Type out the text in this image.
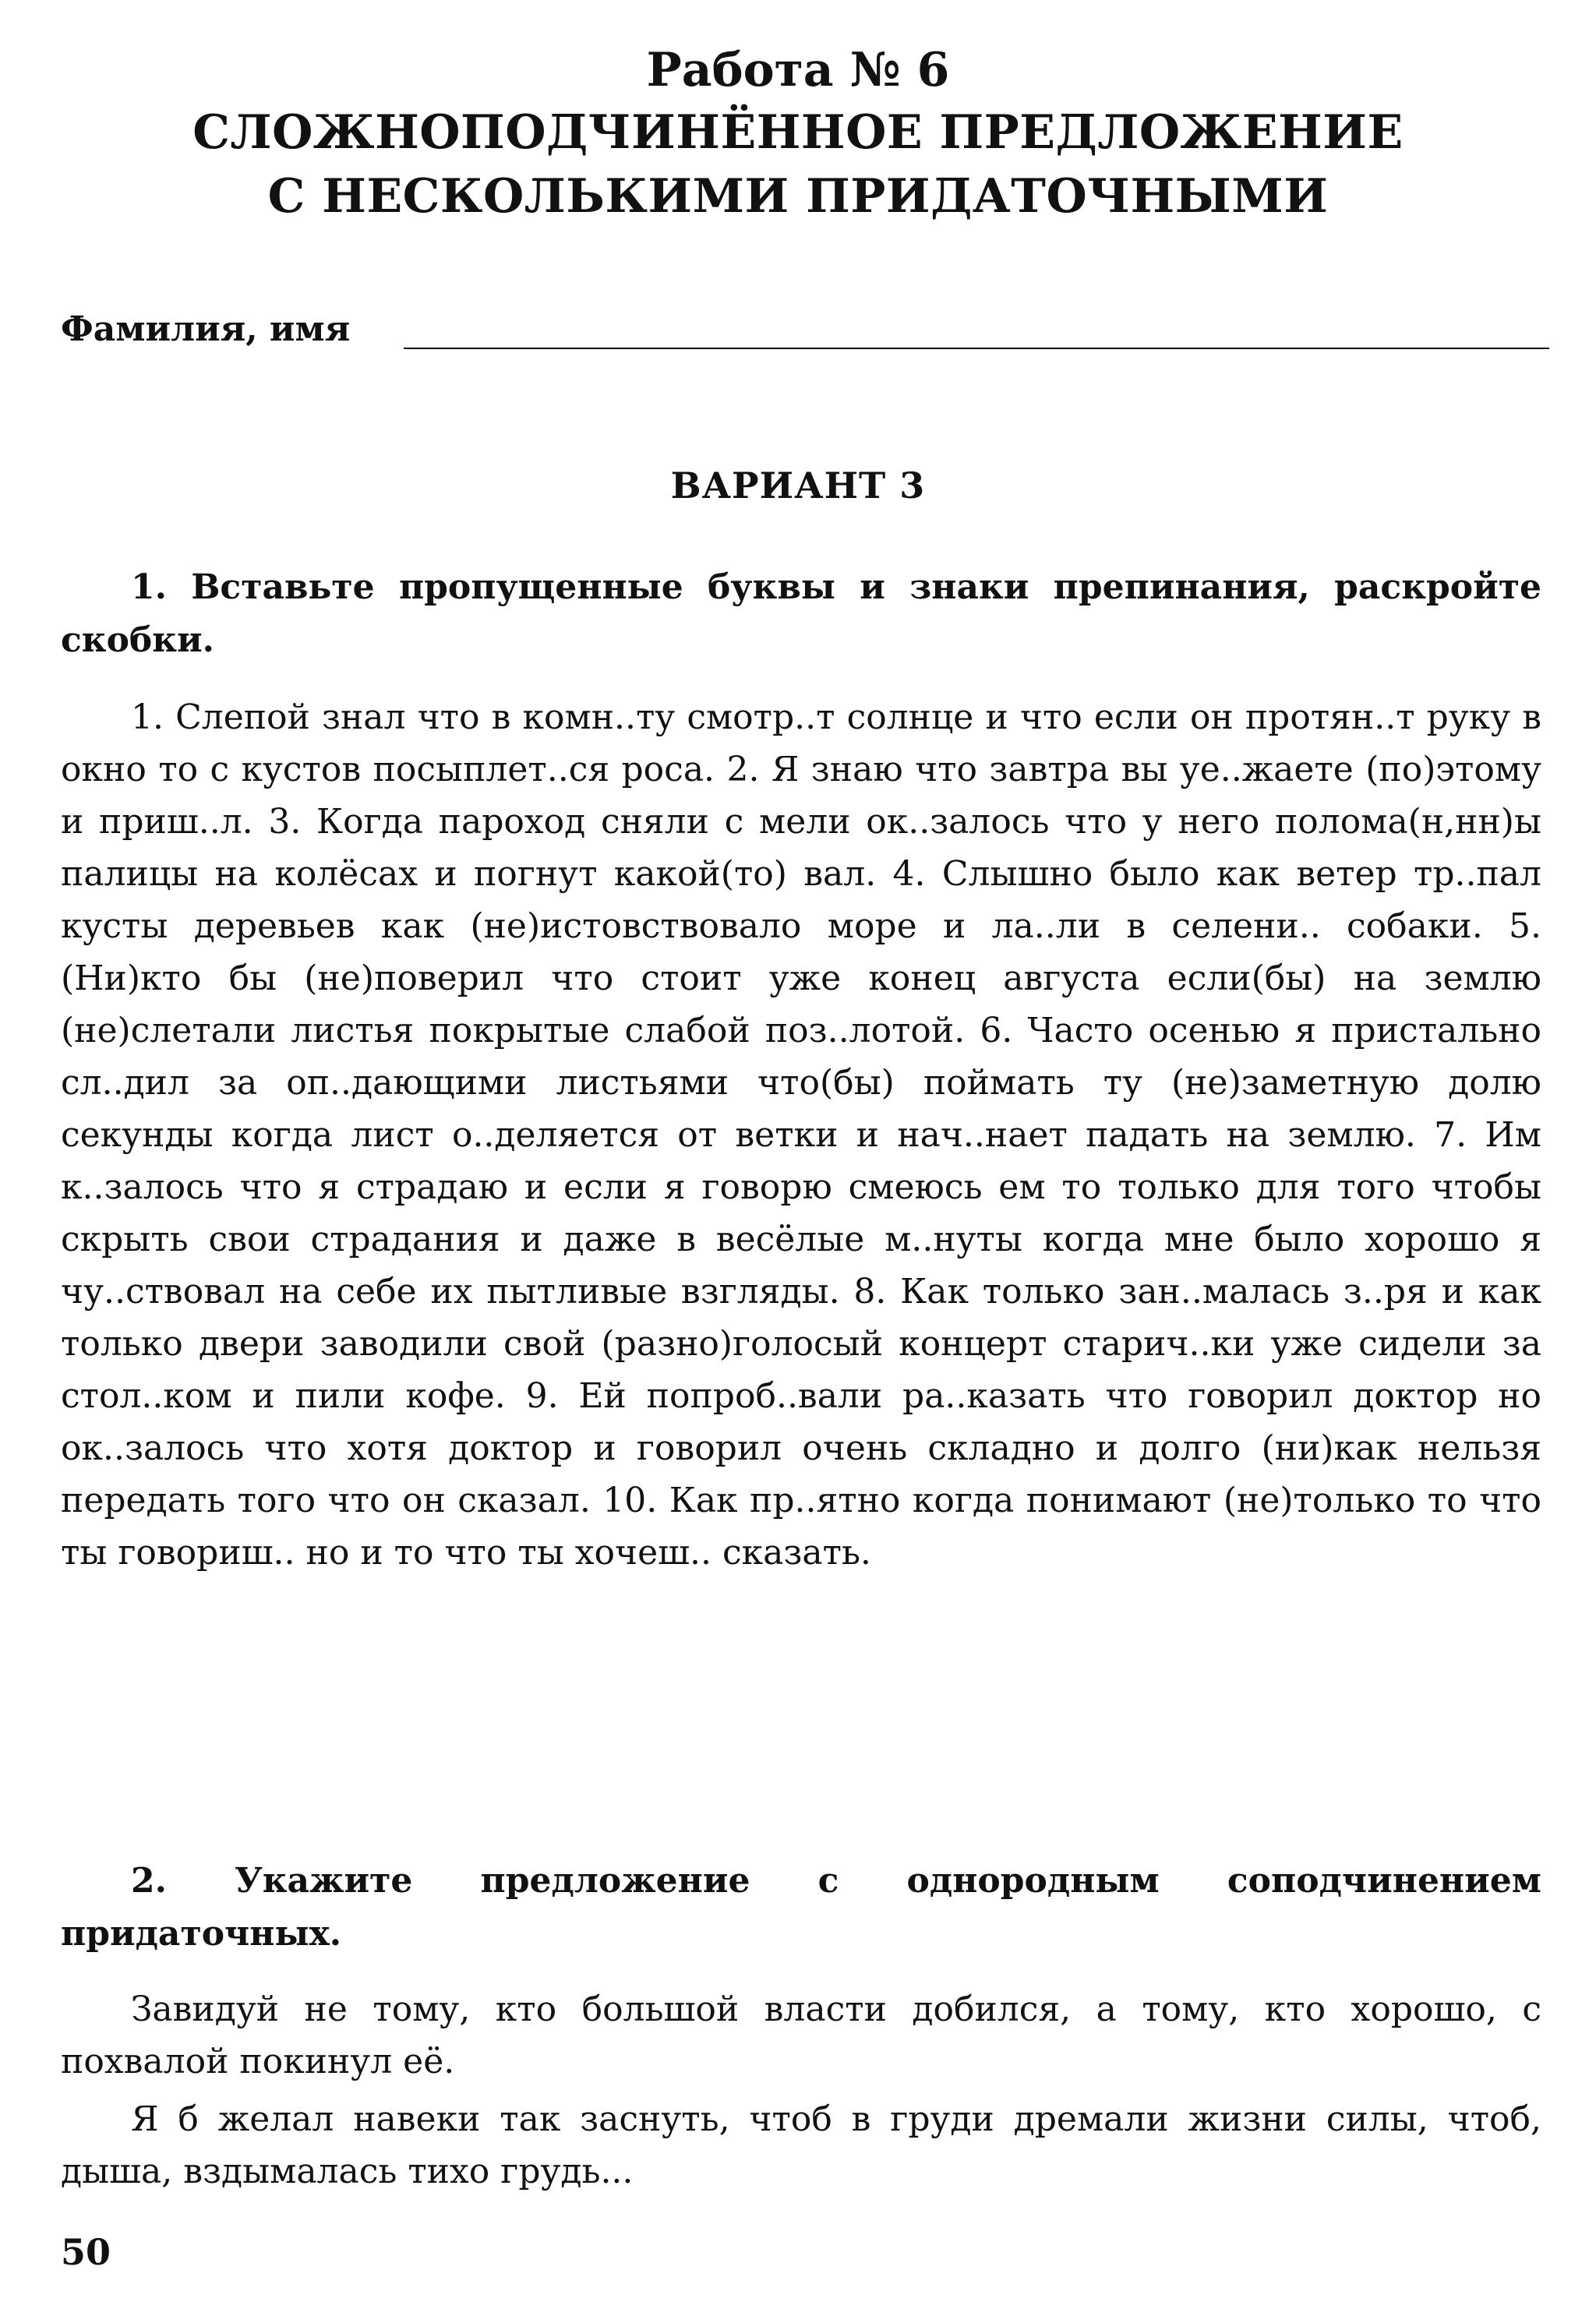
Работа № 6
СЛОЖНОПОДЧИНЁННОЕ ПРЕДЛОЖЕНИЕ
С НЕСКОЛЬКИМИ ПРИДАТОЧНЫМИ
Фамилия, имя
ВАРИАНТ 3

1. Вставьте пропущенные буквы и знаки препинания, раскройте скобки.

1. Слепой знал что в комн..ту смотр..т солнце и что если он протян..т руку в окно то с кустов посыплет..ся роса. 2. Я знаю что завтра вы уе..жаете (по)этому и приш..л. 3. Когда пароход сняли с мели ок..залось что у него полома(н,нн)ы палицы на колёсах и погнут какой(то) вал. 4. Слышно было как ветер тр..пал кусты деревьев как (не)истовствовало море и ла..ли в селени.. собаки. 5. (Ни)кто бы (не)поверил что стоит уже конец августа если(бы) на землю (не)слетали листья покрытые слабой поз..лотой. 6. Часто осенью я пристально сл..дил за оп..дающими листьями что(бы) поймать ту (не)заметную долю секунды когда лист о..деляется от ветки и нач..нает падать на землю. 7. Им к..залось что я страдаю и если я говорю смеюсь ем то только для того чтобы скрыть свои страдания и даже в весёлые м..нуты когда мне было хорошо я чу..ствовал на себе их пытливые взгляды. 8. Как только зан..малась з..ря и как только двери заводили свой (разно)голосый концерт старич..ки уже сидели за стол..ком и пили кофе. 9. Ей попроб..вали ра..казать что говорил доктор но ок..залось что хотя доктор и говорил очень складно и долго (ни)как нельзя передать того что он сказал. 10. Как пр..ятно когда понимают (не)только то что ты говориш.. но и то что ты хочеш.. сказать.

2. Укажите предложение с однородным соподчинением придаточных.

Завидуй не тому, кто большой власти добился, а тому, кто хорошо, с похвалой покинул её.

Я б желал навеки так заснуть, чтоб в груди дремали жизни силы, чтоб, дыша, вздымалась тихо грудь...

50
